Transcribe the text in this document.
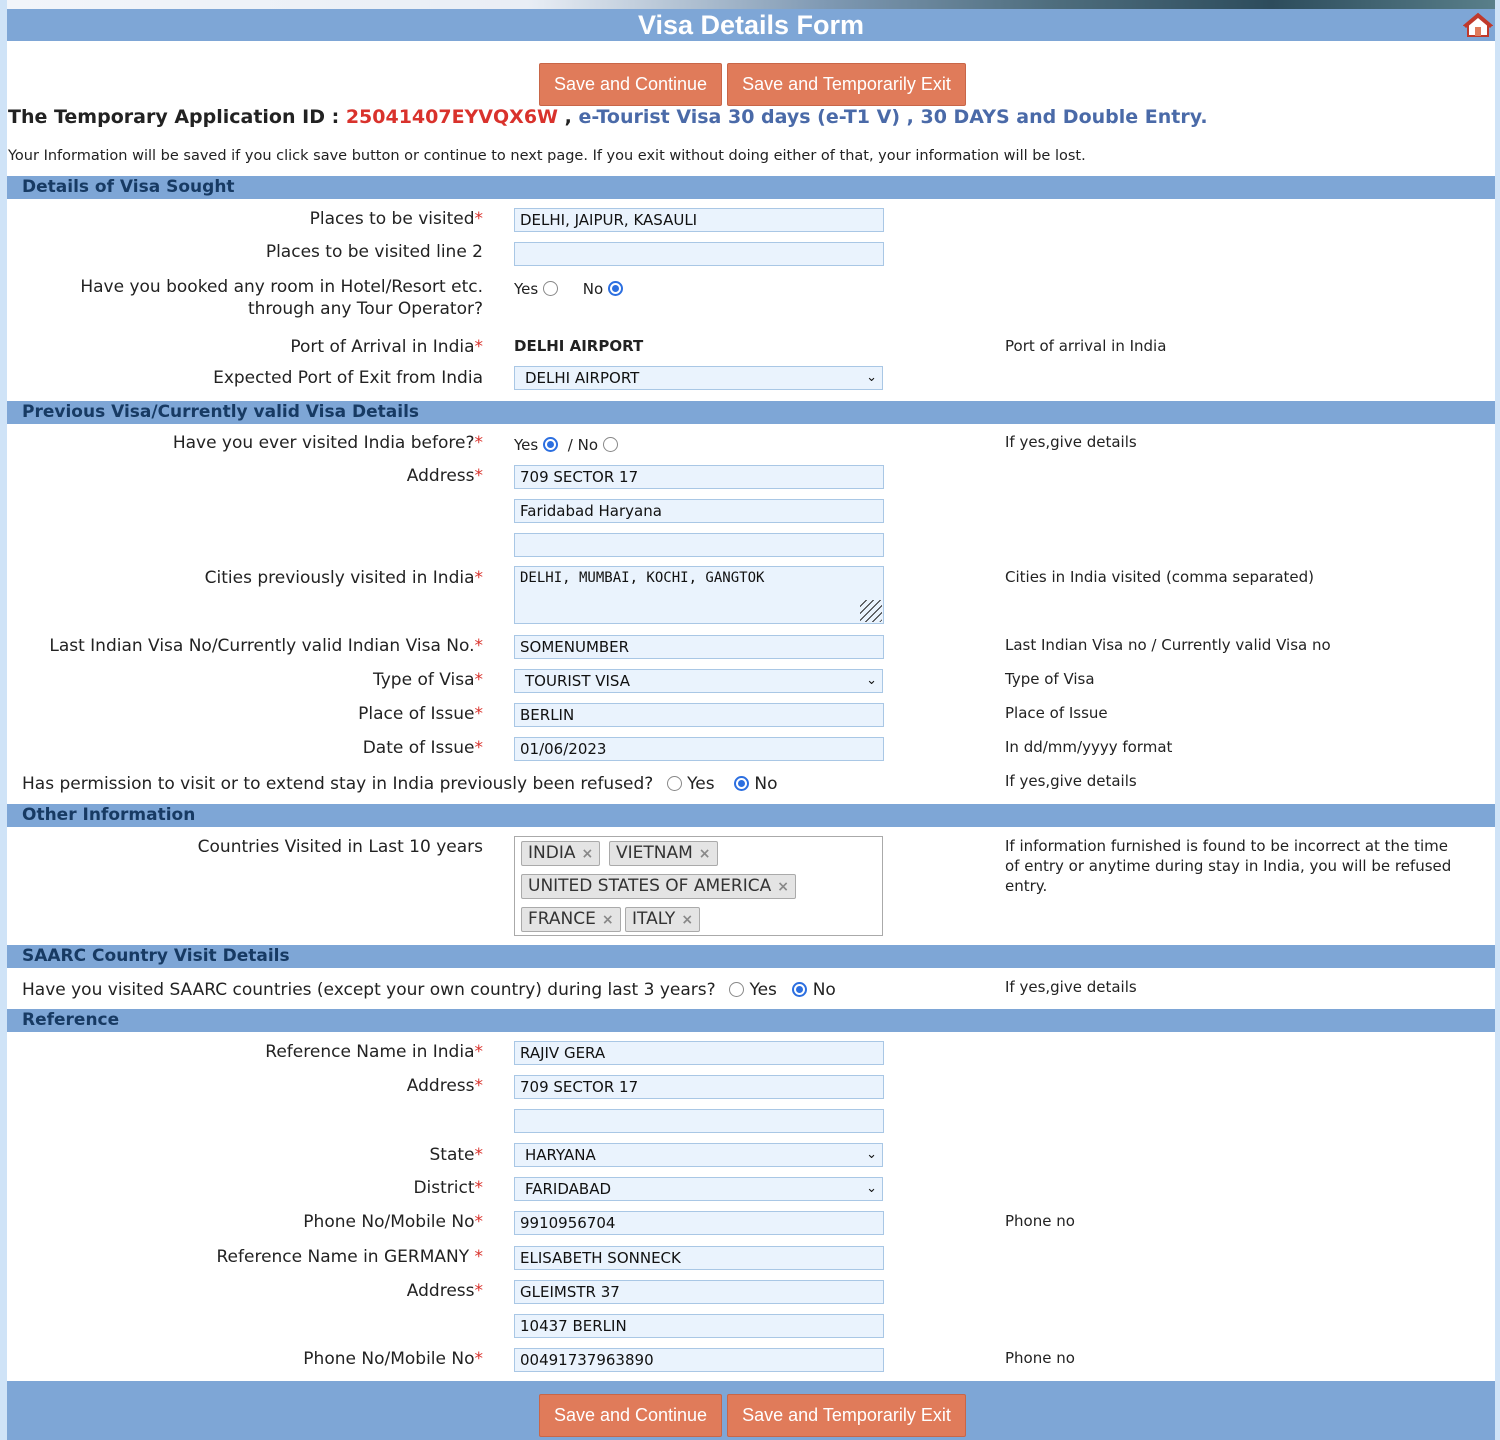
Visa Details Form
Save and Continue	Save and Temporarily Exit
The Temporary Application ID : 25041407EYVQX6W , e-Tourist Visa 30 days (e-T1 V) , 30 DAYS and Double Entry.
Your Information will be saved if you click save button or continue to next page. If you exit without doing either of that, your information will be lost.
Details of Visa Sought
Places to be visited*	DELHI, JAIPUR, KASAULI
Places to be visited line 2
Have you booked any room in Hotel/Resort etc.
through any Tour Operator?
Yes	No
Port of Arrival in India* DELHI AIRPORT	Port of arrival in India
Expected Port of Exit from India	DELHI AIRPORT	⌄
Previous Visa/Currently valid Visa Details
Have you ever visited India before?* Yes / No	If yes,give details
Address*	709 SECTOR 17
Faridabad Haryana
Cities previously visited in India*	DELHI, MUMBAI, KOCHI, GANGTOK	Cities in India visited (comma separated)
Last Indian Visa No/Currently valid Indian Visa No.*	SOMENUMBER	Last Indian Visa no / Currently valid Visa no
Type of Visa*	TOURIST VISA	⌄	Type of Visa
Place of Issue*	BERLIN	Place of Issue
Date of Issue*	01/06/2023	In dd/mm/yyyy format
Has permission to visit or to extend stay in India previously been refused? Yes No	If yes,give details
Other Information
Countries Visited in Last 10 years	INDIA ×	VIETNAM ×
UNITED STATES OF AMERICA ×
FRANCE ×	ITALY ×
If information furnished is found to be incorrect at the time of entry or anytime during stay in India, you will be refused entry.
SAARC Country Visit Details
Have you visited SAARC countries (except your own country) during last 3 years? Yes No	If yes,give details
Reference
Reference Name in India*	RAJIV GERA
Address*	709 SECTOR 17
State*	HARYANA	⌄
District*	FARIDABAD	⌄
Phone No/Mobile No*	9910956704	Phone no
Reference Name in GERMANY *	ELISABETH SONNECK
Address*	GLEIMSTR 37
10437 BERLIN
Phone No/Mobile No*	00491737963890	Phone no
Save and Continue	Save and Temporarily Exit
